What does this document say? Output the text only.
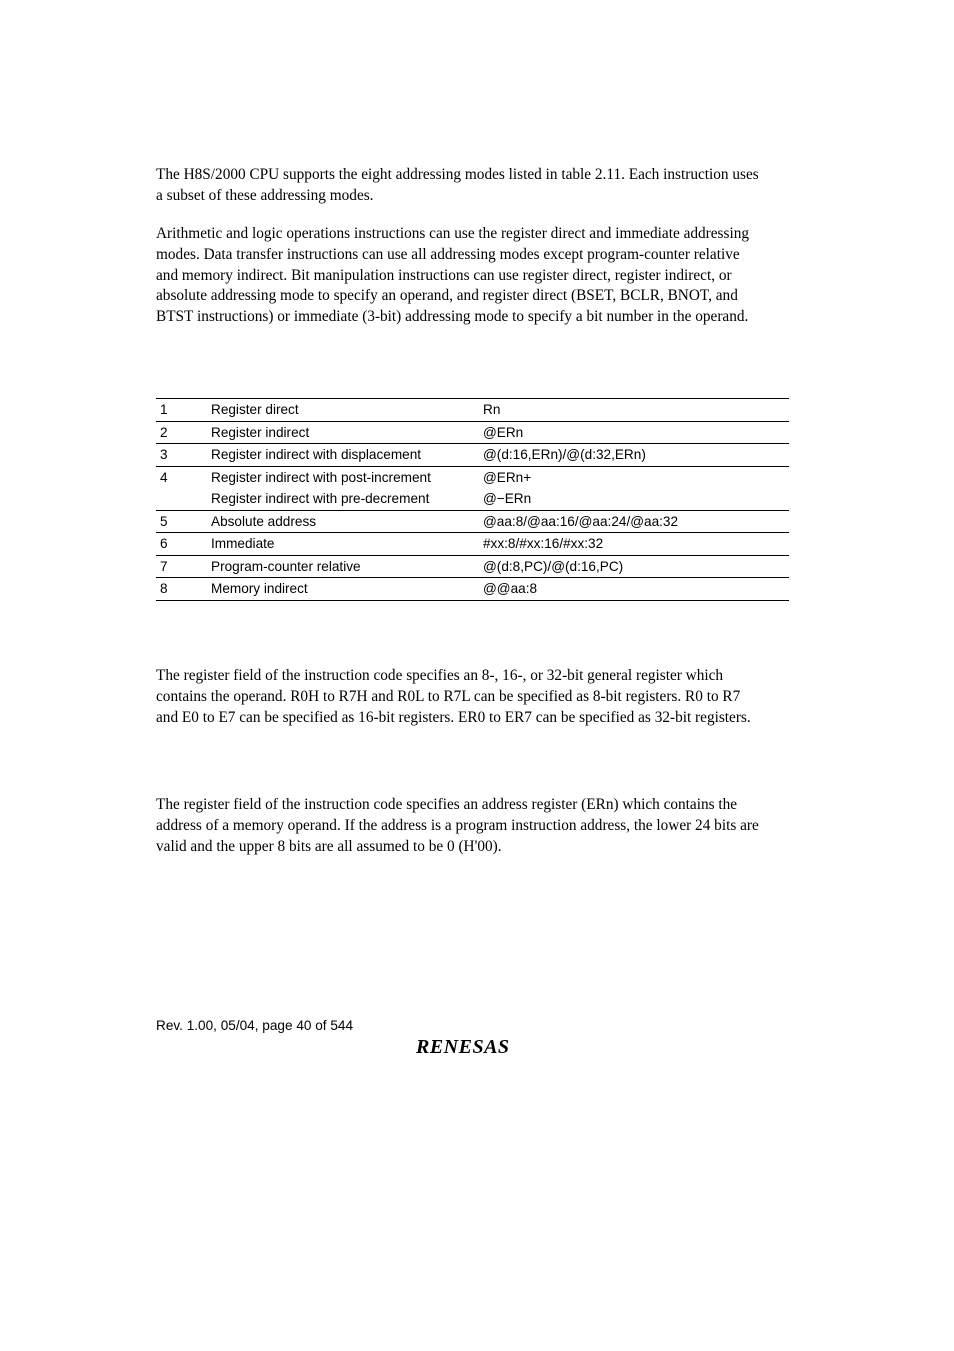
The H8S/2000 CPU supports the eight addressing modes listed in table 2.11. Each instruction uses
a subset of these addressing modes.
Arithmetic and logic operations instructions can use the register direct and immediate addressing
modes. Data transfer instructions can use all addressing modes except program-counter relative
and memory indirect. Bit manipulation instructions can use register direct, register indirect, or
absolute addressing mode to specify an operand, and register direct (BSET, BCLR, BNOT, and
BTST instructions) or immediate (3-bit) addressing mode to specify a bit number in the operand.
1	Register direct	Rn
2	Register indirect	@ERn
3	Register indirect with displacement	@(d:16,ERn)/@(d:32,ERn)
4	Register indirect with post-increment	@ERn+
	Register indirect with pre-decrement	@−ERn
5	Absolute address	@aa:8/@aa:16/@aa:24/@aa:32
6	Immediate	#xx:8/#xx:16/#xx:32
7	Program-counter relative	@(d:8,PC)/@(d:16,PC)
8	Memory indirect	@@aa:8
The register field of the instruction code specifies an 8-, 16-, or 32-bit general register which
contains the operand. R0H to R7H and R0L to R7L can be specified as 8-bit registers. R0 to R7
and E0 to E7 can be specified as 16-bit registers. ER0 to ER7 can be specified as 32-bit registers.
The register field of the instruction code specifies an address register (ERn) which contains the
address of a memory operand. If the address is a program instruction address, the lower 24 bits are
valid and the upper 8 bits are all assumed to be 0 (H'00).
Rev. 1.00, 05/04, page 40 of 544
RENESAS
